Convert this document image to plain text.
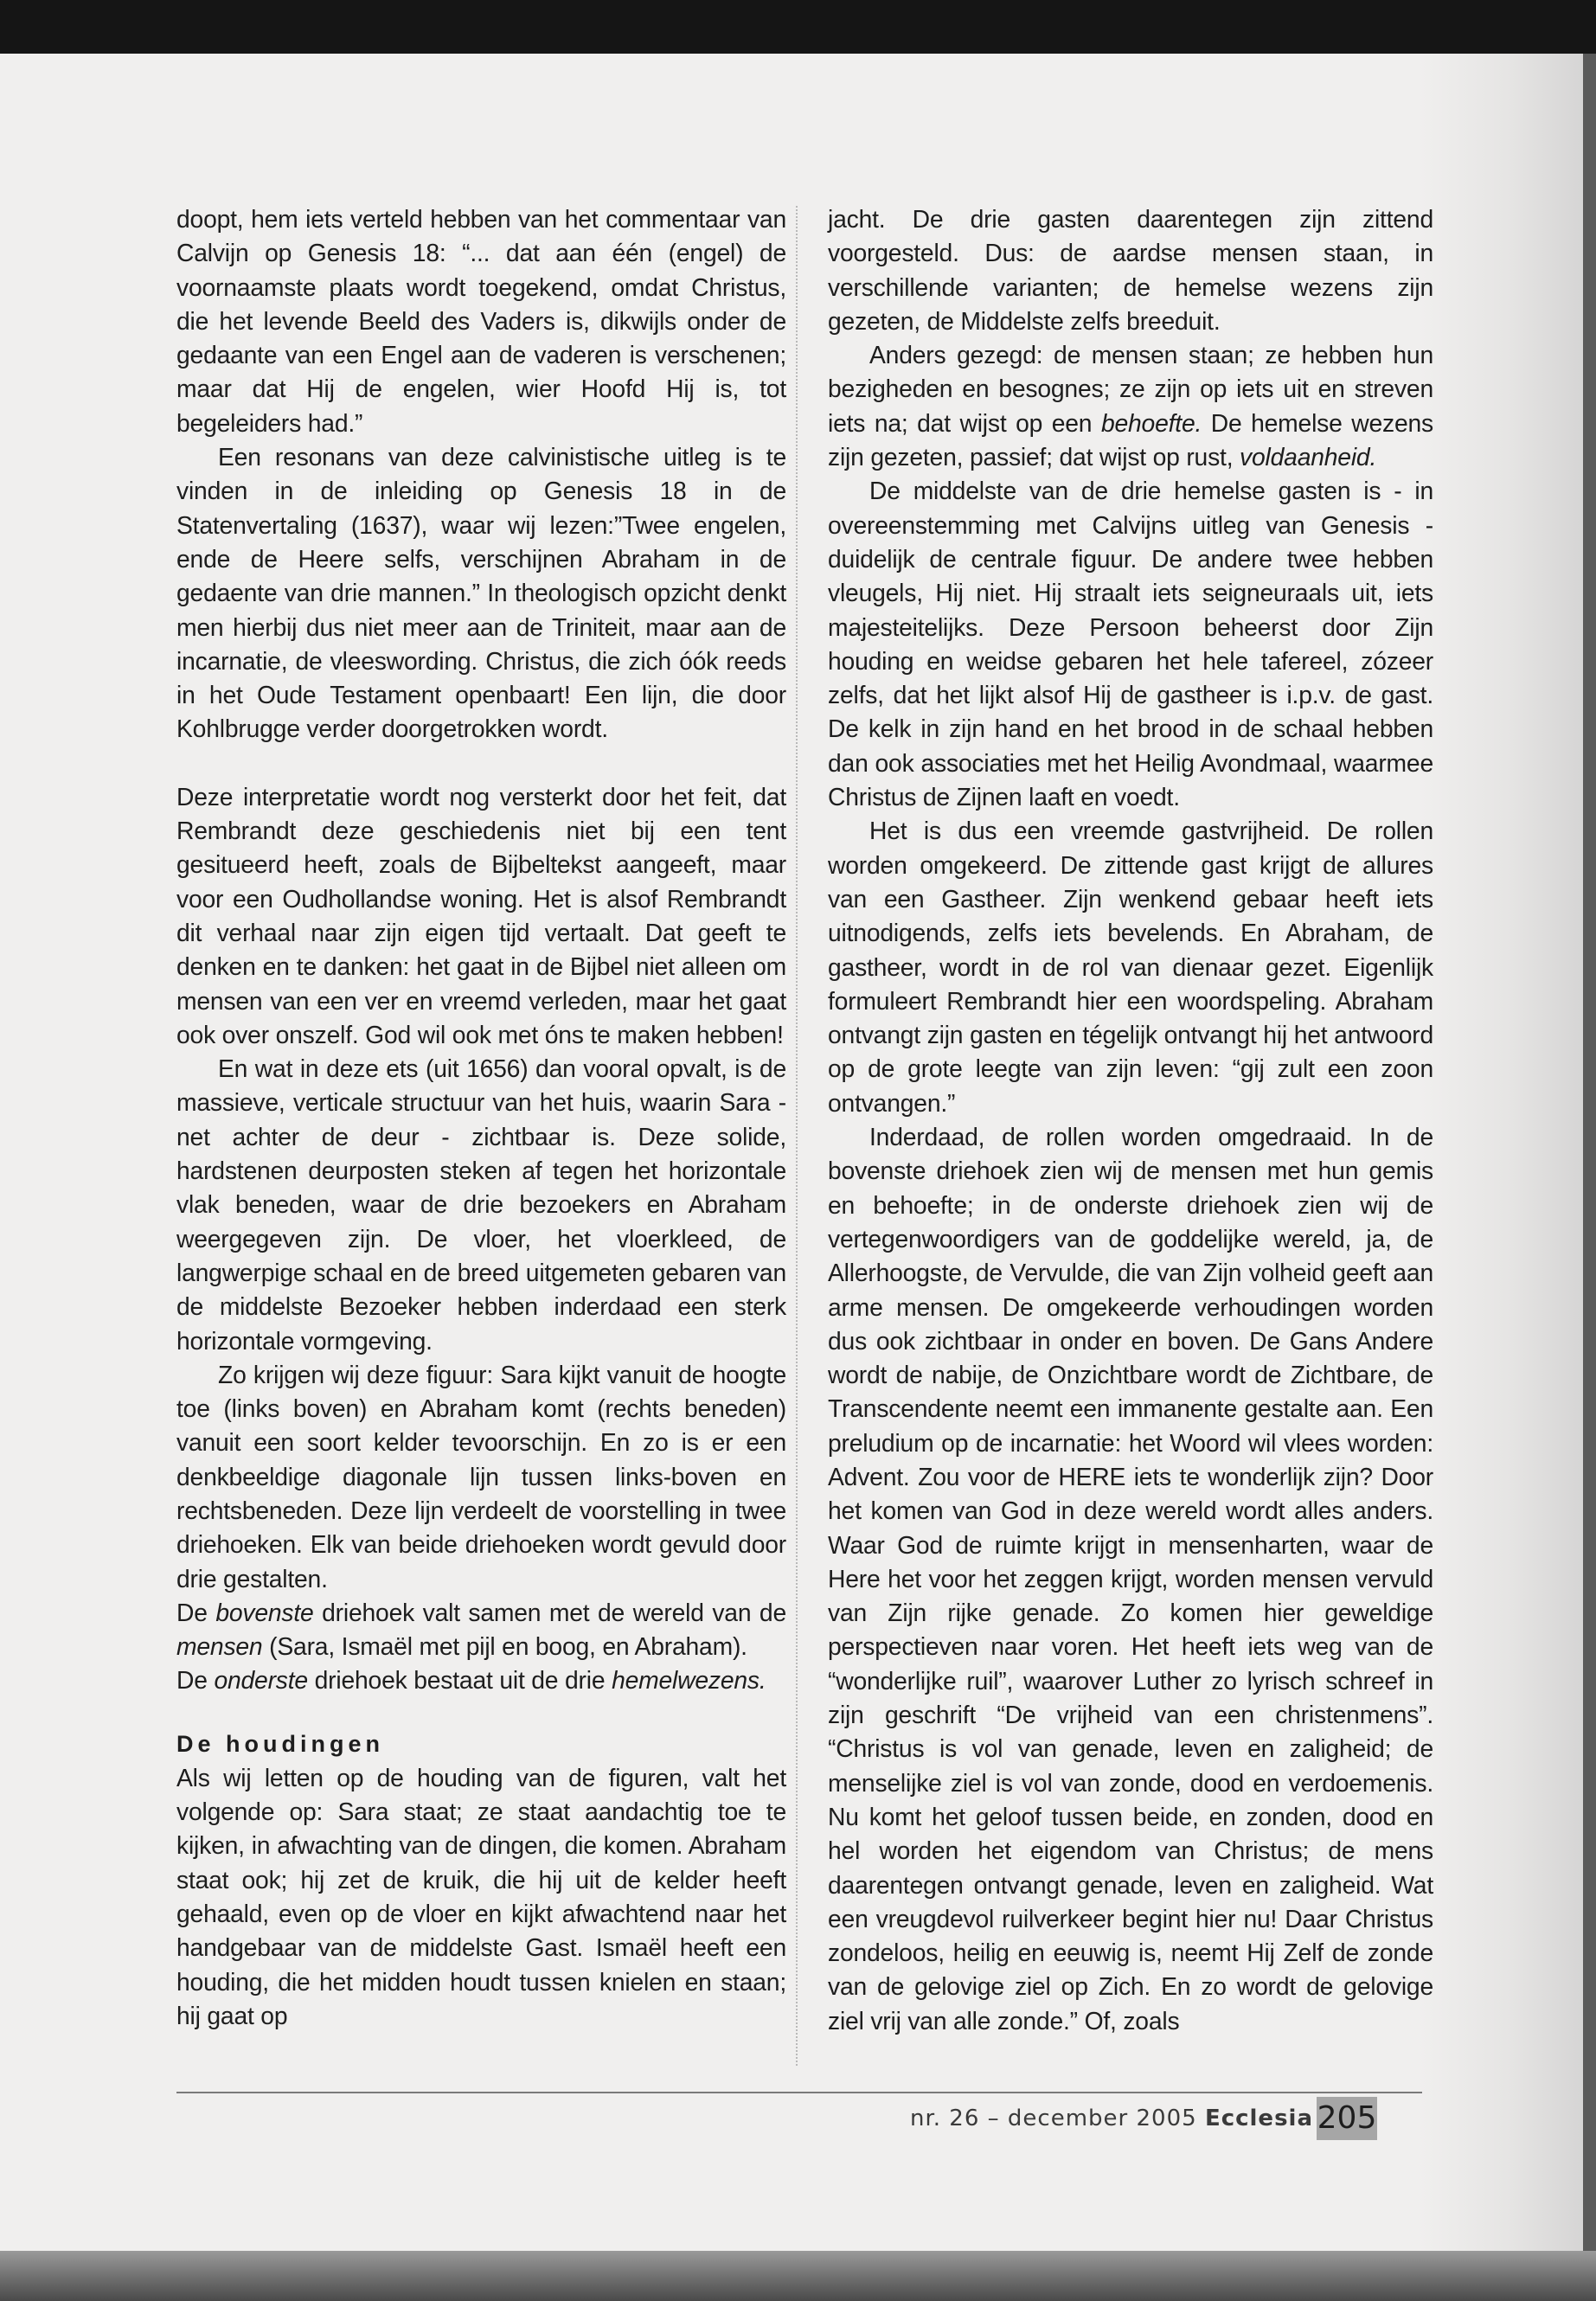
doopt, hem iets verteld hebben van het commentaar van Calvijn op Genesis 18: “... dat aan één (engel) de voornaamste plaats wordt toegekend, omdat Christus, die het levende Beeld des Vaders is, dikwijls onder de gedaante van een Engel aan de vaderen is verschenen; maar dat Hij de engelen, wier Hoofd Hij is, tot begeleiders had.”

Een resonans van deze calvinistische uitleg is te vinden in de inleiding op Genesis 18 in de Statenvertaling (1637), waar wij lezen:”Twee engelen, ende de Heere selfs, verschijnen Abraham in de gedaente van drie mannen.” In theologisch opzicht denkt men hierbij dus niet meer aan de Triniteit, maar aan de incarnatie, de vleeswording. Christus, die zich óók reeds in het Oude Testament openbaart! Een lijn, die door Kohlbrugge verder doorgetrokken wordt.

Deze interpretatie wordt nog versterkt door het feit, dat Rembrandt deze geschiedenis niet bij een tent gesitueerd heeft, zoals de Bijbeltekst aangeeft, maar voor een Oudhollandse woning. Het is alsof Rembrandt dit verhaal naar zijn eigen tijd vertaalt. Dat geeft te denken en te danken: het gaat in de Bijbel niet alleen om mensen van een ver en vreemd verleden, maar het gaat ook over onszelf. God wil ook met óns te maken hebben!

En wat in deze ets (uit 1656) dan vooral opvalt, is de massieve, verticale structuur van het huis, waarin Sara - net achter de deur - zichtbaar is. Deze solide, hardstenen deurposten steken af tegen het horizontale vlak beneden, waar de drie bezoekers en Abraham weergegeven zijn. De vloer, het vloerkleed, de langwerpige schaal en de breed uitgemeten gebaren van de middelste Bezoeker hebben inderdaad een sterk horizontale vormgeving.

Zo krijgen wij deze figuur: Sara kijkt vanuit de hoogte toe (links boven) en Abraham komt (rechts beneden) vanuit een soort kelder tevoorschijn. En zo is er een denkbeeldige diagonale lijn tussen links-boven en rechtsbeneden. Deze lijn verdeelt de voorstelling in twee driehoeken. Elk van beide driehoeken wordt gevuld door drie gestalten.

De bovenste driehoek valt samen met de wereld van de mensen (Sara, Ismaël met pijl en boog, en Abraham).

De onderste driehoek bestaat uit de drie hemelwezens.

De houdingen

Als wij letten op de houding van de figuren, valt het volgende op: Sara staat; ze staat aandachtig toe te kijken, in afwachting van de dingen, die komen. Abraham staat ook; hij zet de kruik, die hij uit de kelder heeft gehaald, even op de vloer en kijkt afwachtend naar het handgebaar van de middelste Gast. Ismaël heeft een houding, die het midden houdt tussen knielen en staan; hij gaat op

jacht. De drie gasten daarentegen zijn zittend voorgesteld. Dus: de aardse mensen staan, in verschillende varianten; de hemelse wezens zijn gezeten, de Middelste zelfs breeduit.

Anders gezegd: de mensen staan; ze hebben hun bezigheden en besognes; ze zijn op iets uit en streven iets na; dat wijst op een behoefte. De hemelse wezens zijn gezeten, passief; dat wijst op rust, voldaanheid.

De middelste van de drie hemelse gasten is - in overeenstemming met Calvijns uitleg van Genesis - duidelijk de centrale figuur. De andere twee hebben vleugels, Hij niet. Hij straalt iets seigneuraals uit, iets majesteitelijks. Deze Persoon beheerst door Zijn houding en weidse gebaren het hele tafereel, zózeer zelfs, dat het lijkt alsof Hij de gastheer is i.p.v. de gast. De kelk in zijn hand en het brood in de schaal hebben dan ook associaties met het Heilig Avondmaal, waarmee Christus de Zijnen laaft en voedt.

Het is dus een vreemde gastvrijheid. De rollen worden omgekeerd. De zittende gast krijgt de allures van een Gastheer. Zijn wenkend gebaar heeft iets uitnodigends, zelfs iets bevelends. En Abraham, de gastheer, wordt in de rol van dienaar gezet. Eigenlijk formuleert Rembrandt hier een woordspeling. Abraham ontvangt zijn gasten en tégelijk ontvangt hij het antwoord op de grote leegte van zijn leven: “gij zult een zoon ontvangen.”

Inderdaad, de rollen worden omgedraaid. In de bovenste driehoek zien wij de mensen met hun gemis en behoefte; in de onderste driehoek zien wij de vertegenwoordigers van de goddelijke wereld, ja, de Allerhoogste, de Vervulde, die van Zijn volheid geeft aan arme mensen. De omgekeerde verhoudingen worden dus ook zichtbaar in onder en boven. De Gans Andere wordt de nabije, de Onzichtbare wordt de Zichtbare, de Transcendente neemt een immanente gestalte aan. Een preludium op de incarnatie: het Woord wil vlees worden: Advent. Zou voor de HERE iets te wonderlijk zijn? Door het komen van God in deze wereld wordt alles anders. Waar God de ruimte krijgt in mensenharten, waar de Here het voor het zeggen krijgt, worden mensen vervuld van Zijn rijke genade. Zo komen hier geweldige perspectieven naar voren. Het heeft iets weg van de “wonderlijke ruil”, waarover Luther zo lyrisch schreef in zijn geschrift “De vrijheid van een christenmens”. “Christus is vol van genade, leven en zaligheid; de menselijke ziel is vol van zonde, dood en verdoemenis. Nu komt het geloof tussen beide, en zonden, dood en hel worden het eigendom van Christus; de mens daarentegen ontvangt genade, leven en zaligheid. Wat een vreugdevol ruilverkeer begint hier nu! Daar Christus zondeloos, heilig en eeuwig is, neemt Hij Zelf de zonde van de gelovige ziel op Zich. En zo wordt de gelovige ziel vrij van alle zonde.” Of, zoals

nr. 26 – december 2005 Ecclesia 205
